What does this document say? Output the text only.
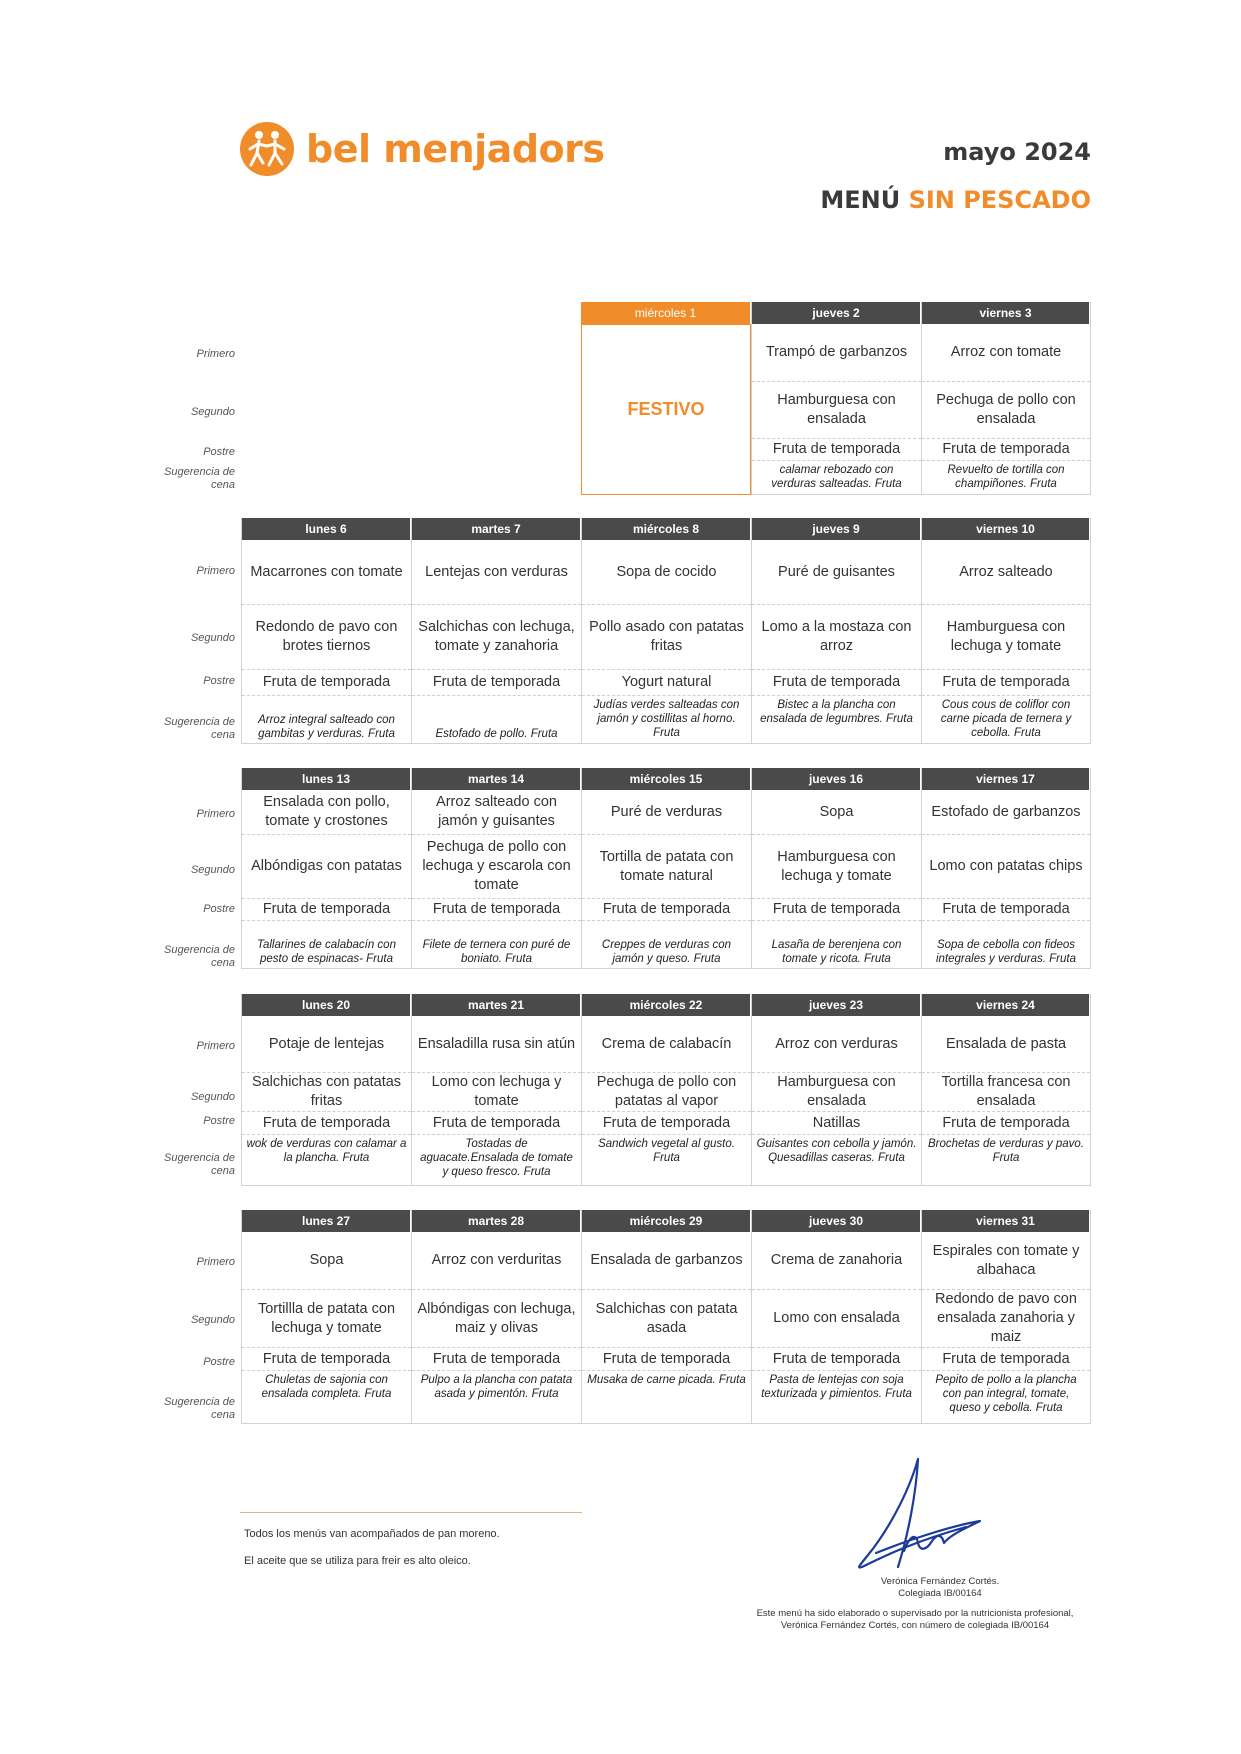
bel menjadors	mayo 2024
MENÚ SIN PESCADO
Primero
Segundo
Postre
Sugerencia de cena
miércoles 1
FESTIVO
jueves 2
Trampó de garbanzos
Hamburguesa con ensalada
Fruta de temporada
calamar rebozado con verduras salteadas. Fruta
viernes 3
Arroz con tomate
Pechuga de pollo con ensalada
Fruta de temporada
Revuelto de tortilla con champiñones. Fruta
Primero
Segundo
Postre
Sugerencia de cena
lunes 6
Macarrones con tomate
Redondo de pavo con brotes tiernos
Fruta de temporada
Arroz integral salteado con gambitas y verduras. Fruta
martes 7
Lentejas con verduras
Salchichas con lechuga, tomate y zanahoria
Fruta de temporada
Estofado de pollo. Fruta
miércoles 8
Sopa de cocido
Pollo asado con patatas fritas
Yogurt natural
Judías verdes salteadas con jamón y costillitas al horno. Fruta
jueves 9
Puré de guisantes
Lomo a la mostaza con arroz
Fruta de temporada
Bistec a la plancha con ensalada de legumbres. Fruta
viernes 10
Arroz salteado
Hamburguesa con lechuga y tomate
Fruta de temporada
Cous cous de coliflor con carne picada de ternera y cebolla. Fruta
Primero
Segundo
Postre
Sugerencia de cena
lunes 13
Ensalada con pollo, tomate y crostones
Albóndigas con patatas
Fruta de temporada
Tallarines de calabacín con pesto de espinacas- Fruta
martes 14
Arroz salteado con jamón y guisantes
Pechuga de pollo con lechuga y escarola con tomate
Fruta de temporada
Filete de ternera con puré de boniato. Fruta
miércoles 15
Puré de verduras
Tortilla de patata con tomate natural
Fruta de temporada
Creppes de verduras con jamón y queso. Fruta
jueves 16
Sopa
Hamburguesa con lechuga y tomate
Fruta de temporada
Lasaña de berenjena con tomate y ricota. Fruta
viernes 17
Estofado de garbanzos
Lomo con patatas chips
Fruta de temporada
Sopa de cebolla con fideos integrales y verduras. Fruta
Primero
Segundo
Postre
Sugerencia de cena
lunes 20
Potaje de lentejas
Salchichas con patatas fritas
Fruta de temporada
wok de verduras con calamar a la plancha. Fruta
martes 21
Ensaladilla rusa sin atún
Lomo con lechuga y tomate
Fruta de temporada
Tostadas de aguacate.Ensalada de tomate y queso fresco. Fruta
miércoles 22
Crema de calabacín
Pechuga de pollo con patatas al vapor
Fruta de temporada
Sandwich vegetal al gusto. Fruta
jueves 23
Arroz con verduras
Hamburguesa con ensalada
Natillas
Guisantes con cebolla y jamón. Quesadillas caseras. Fruta
viernes 24
Ensalada de pasta
Tortilla francesa con ensalada
Fruta de temporada
Brochetas de verduras y pavo. Fruta
Primero
Segundo
Postre
Sugerencia de cena
lunes 27
Sopa
Tortillla de patata con lechuga y tomate
Fruta de temporada
Chuletas de sajonia con ensalada completa. Fruta
martes 28
Arroz con verduritas
Albóndigas con lechuga, maiz y olivas
Fruta de temporada
Pulpo a la plancha con patata asada y pimentón. Fruta
miércoles 29
Ensalada de garbanzos
Salchichas con patata asada
Fruta de temporada
Musaka de carne picada. Fruta
jueves 30
Crema de zanahoria
Lomo con ensalada
Fruta de temporada
Pasta de lentejas con soja texturizada y pimientos. Fruta
viernes 31
Espirales con tomate y albahaca
Redondo de pavo con ensalada zanahoria y maiz
Fruta de temporada
Pepito de pollo a la plancha con pan integral, tomate, queso y cebolla. Fruta
Todos los menús van acompañados de pan moreno.
El aceite que se utiliza para freir es alto oleico.
Verónica Fernández Cortés.
Colegiada IB/00164
Este menú ha sido elaborado o supervisado por la nutricionista profesional,
Verónica Fernández Cortés, con número de colegiada IB/00164
